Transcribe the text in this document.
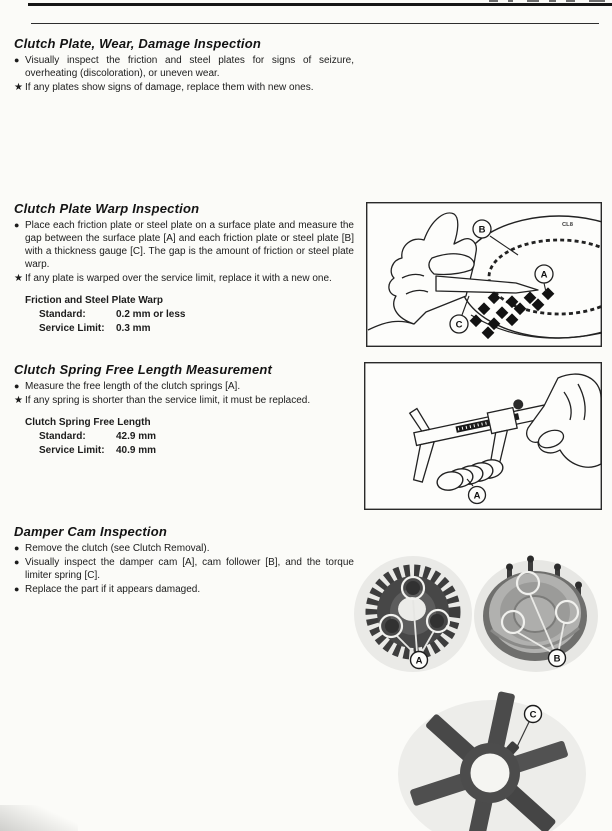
Clutch Plate, Wear, Damage Inspection
● Visually inspect the friction and steel plates for signs of seizure, overheating (discoloration), or uneven wear.
★ If any plates show signs of damage, replace them with new ones.
Clutch Plate Warp Inspection
● Place each friction plate or steel plate on a surface plate and measure the gap between the surface plate [A] and each friction plate or steel plate [B] with a thickness gauge [C]. The gap is the amount of friction or steel plate warp.
★ If any plate is warped over the service limit, replace it with a new one.
Friction and Steel Plate Warp
Standard:	0.2 mm or less
Service Limit: 0.3 mm
Clutch Spring Free Length Measurement
● Measure the free length of the clutch springs [A].
★ If any spring is shorter than the service limit, it must be replaced.
Clutch Spring Free Length
Standard:	42.9 mm
Service Limit: 40.9 mm
Damper Cam Inspection
● Remove the clutch (see Clutch Removal).
● Visually inspect the damper cam [A], cam follower [B], and the torque limiter spring [C].
● Replace the part if it appears damaged.
CL8
B
A
C
A
A	B
C
